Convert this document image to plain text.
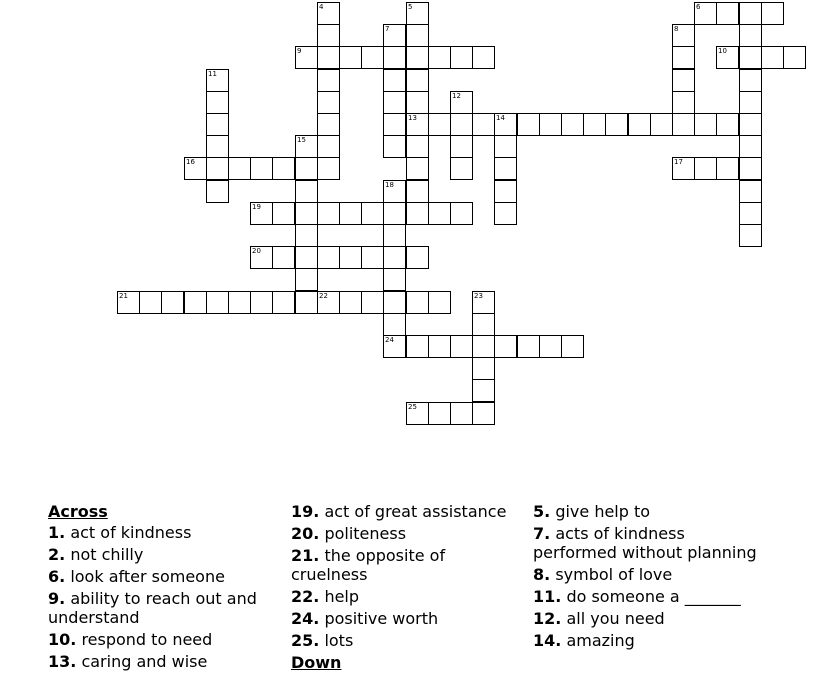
4	5	6
7	8
9	10
11
12
13	14
15
16	17
18
19
20
21	22	23
24
25
Across
1. act of kindness
2. not chilly
6. look after someone
9. ability to reach out and understand
10. respond to need
13. caring and wise
19. act of great assistance
20. politeness
21. the opposite of cruelness
22. help
24. positive worth
25. lots
Down
5. give help to
7. acts of kindness performed without planning
8. symbol of love
11. do someone a _______
12. all you need
14. amazing
